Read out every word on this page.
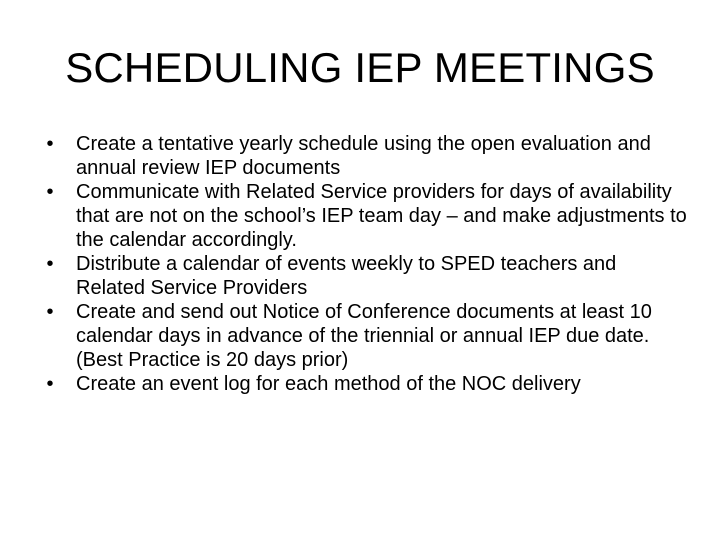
SCHEDULING IEP MEETINGS
•	Create a tentative yearly schedule using the open evaluation and annual review IEP documents
•	Communicate with Related Service providers for days of availability that are not on the school’s IEP team day – and make adjustments to the calendar accordingly.
•	Distribute a calendar of events weekly to SPED teachers and Related Service Providers
•	Create and send out Notice of Conference documents at least 10 calendar days in advance of the triennial or annual IEP due date. (Best Practice is 20 days prior)
•	Create an event log for each method of the NOC delivery
